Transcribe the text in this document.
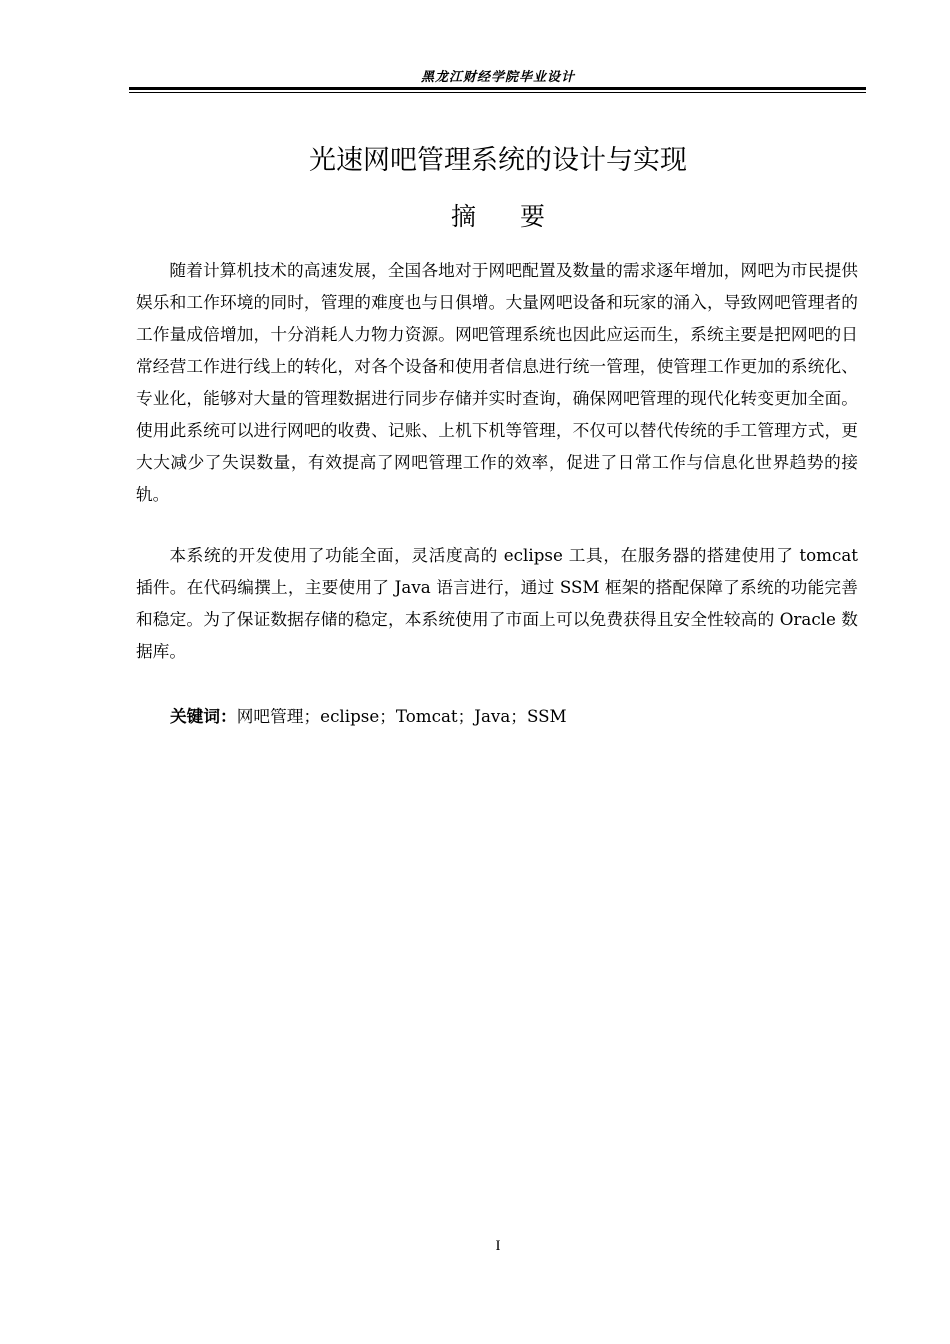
黑龙江财经学院毕业设计
光速网吧管理系统的设计与实现
摘要

随着计算机技术的高速发展，全国各地对于网吧配置及数量的需求逐年增加，网吧为市民提供娱乐和工作环境的同时，管理的难度也与日俱增。大量网吧设备和玩家的涌入，导致网吧管理者的工作量成倍增加，十分消耗人力物力资源。网吧管理系统也因此应运而生，系统主要是把网吧的日常经营工作进行线上的转化，对各个设备和使用者信息进行统一管理，使管理工作更加的系统化、专业化，能够对大量的管理数据进行同步存储并实时查询，确保网吧管理的现代化转变更加全面。使用此系统可以进行网吧的收费、记账、上机下机等管理，不仅可以替代传统的手工管理方式，更大大减少了失误数量，有效提高了网吧管理工作的效率，促进了日常工作与信息化世界趋势的接轨。

本系统的开发使用了功能全面，灵活度高的 eclipse 工具，在服务器的搭建使用了 tomcat 插件。在代码编撰上，主要使用了 Java 语言进行，通过 SSM 框架的搭配保障了系统的功能完善和稳定。为了保证数据存储的稳定，本系统使用了市面上可以免费获得且安全性较高的 Oracle 数据库。

关键词：网吧管理；eclipse；Tomcat；Java；SSM
I
